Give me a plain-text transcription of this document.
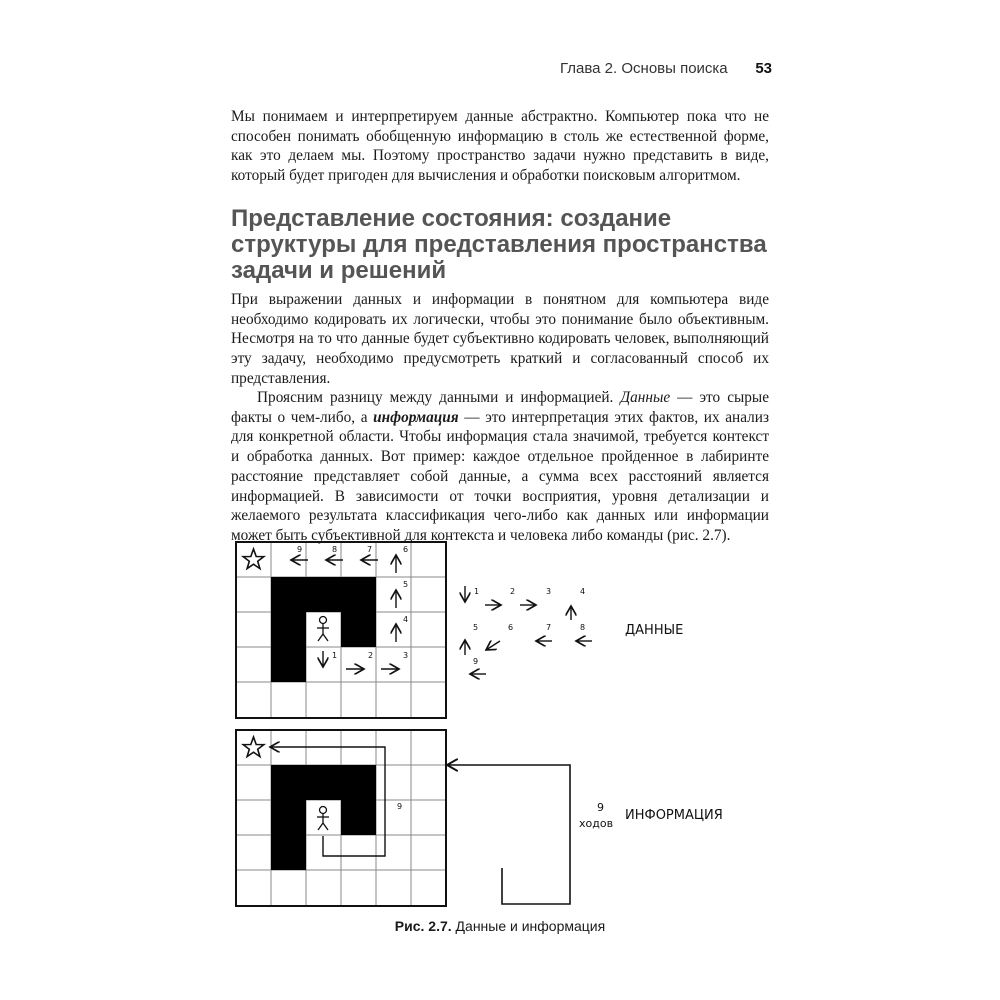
Глава 2. Основы поиска 53

Мы понимаем и интерпретируем данные абстрактно. Компьютер пока что не способен понимать обобщенную информацию в столь же естественной форме, как это делаем мы. Поэтому пространство задачи нужно представить в виде, который будет пригоден для вычисления и обработки поисковым алгоритмом.

Представление состояния: создание структуры для представления пространства задачи и решений

При выражении данных и информации в понятном для компьютера виде необходимо кодировать их логически, чтобы это понимание было объективным. Несмотря на то что данные будет субъективно кодировать человек, выполняющий эту задачу, необходимо предусмотреть краткий и согласованный способ их представления.

Проясним разницу между данными и информацией. Данные — это сырые факты о чем-либо, а информация — это интерпретация этих фактов, их анализ для конкретной области. Чтобы информация стала значимой, требуется контекст и обработка данных. Вот пример: каждое отдельное пройденное в лабиринте расстояние представляет собой данные, а сумма всех расстояний является информацией. В зависимости от точки восприятия, уровня детализации и желаемого результата классификация чего-либо как данных или информации может быть субъективной для контекста и человека либо команды (рис. 2.7).

1	2	3
4
5
6
7
8
9
1	2	3	4
5	6	7	8
9
ДАННЫЕ
9	9
ходов
ИНФОРМАЦИЯ
Рис. 2.7. Данные и информация
